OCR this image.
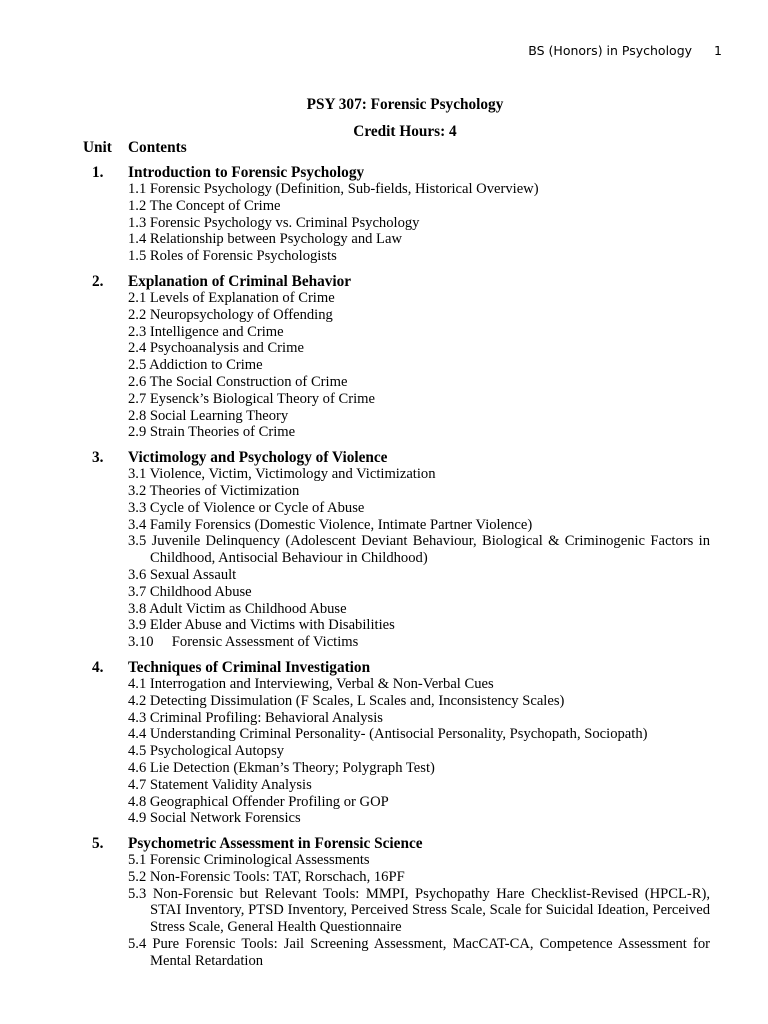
BS (Honors) in Psychology 1
PSY 307: Forensic Psychology
Credit Hours: 4
Unit Contents
1.	Introduction to Forensic Psychology
1.1 Forensic Psychology (Definition, Sub-fields, Historical Overview)
1.2 The Concept of Crime
1.3 Forensic Psychology vs. Criminal Psychology
1.4 Relationship between Psychology and Law
1.5 Roles of Forensic Psychologists
2.	Explanation of Criminal Behavior
2.1 Levels of Explanation of Crime
2.2 Neuropsychology of Offending
2.3 Intelligence and Crime
2.4 Psychoanalysis and Crime
2.5 Addiction to Crime
2.6 The Social Construction of Crime
2.7 Eysenck’s Biological Theory of Crime
2.8 Social Learning Theory
2.9 Strain Theories of Crime
3.	Victimology and Psychology of Violence
3.1 Violence, Victim, Victimology and Victimization
3.2 Theories of Victimization
3.3 Cycle of Violence or Cycle of Abuse
3.4 Family Forensics (Domestic Violence, Intimate Partner Violence)
3.5 Juvenile Delinquency (Adolescent Deviant Behaviour, Biological & Criminogenic Factors in Childhood, Antisocial Behaviour in Childhood)
3.6 Sexual Assault
3.7 Childhood Abuse
3.8 Adult Victim as Childhood Abuse
3.9 Elder Abuse and Victims with Disabilities
3.10     Forensic Assessment of Victims
4.	Techniques of Criminal Investigation
4.1 Interrogation and Interviewing, Verbal & Non-Verbal Cues
4.2 Detecting Dissimulation (F Scales, L Scales and, Inconsistency Scales)
4.3 Criminal Profiling: Behavioral Analysis
4.4 Understanding Criminal Personality- (Antisocial Personality, Psychopath, Sociopath)
4.5 Psychological Autopsy
4.6 Lie Detection (Ekman’s Theory; Polygraph Test)
4.7 Statement Validity Analysis
4.8 Geographical Offender Profiling or GOP
4.9 Social Network Forensics
5.	Psychometric Assessment in Forensic Science
5.1 Forensic Criminological Assessments
5.2 Non-Forensic Tools: TAT, Rorschach, 16PF
5.3 Non-Forensic but Relevant Tools: MMPI, Psychopathy Hare Checklist-Revised (HPCL-R), STAI Inventory, PTSD Inventory, Perceived Stress Scale, Scale for Suicidal Ideation, Perceived Stress Scale, General Health Questionnaire
5.4 Pure Forensic Tools: Jail Screening Assessment, MacCAT-CA, Competence Assessment for Mental Retardation
